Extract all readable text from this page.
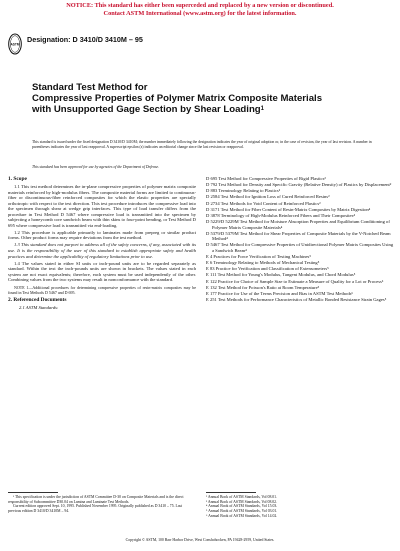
NOTICE: This standard has either been superceded and replaced by a new version or discontinued.
Contact ASTM International (www.astm.org) for the latest information.
ASTM
Designation: D 3410/D 3410M – 95
Standard Test Method for
Compressive Properties of Polymer Matrix Composite Materials with Unsupported Gage Section by Shear Loading$^1$
This standard is issued under the fixed designation D 3410/D 3410M; the number immediately following the designation indicates the year of original adoption or, in the case of revision, the year of last revision. A number in parentheses indicates the year of last reapproval. A superscript epsilon (ε) indicates an editorial change since the last revision or reapproval.
This standard has been approved for use by agencies of the Department of Defense.
1. Scope
1.1 This test method determines the in-plane compressive properties of polymer matrix composite materials reinforced by high-modulus fibers. The composite material forms are limited to continuous-fiber or discontinuous-fiber reinforced composites for which the elastic properties are specially orthotropic with respect to the test direction. This test procedure introduces the compressive load into the specimen through shear at wedge grip interfaces. This type of load transfer differs from the procedure in Test Method D 5467 where compressive load is transmitted into the specimen by subjecting a honeycomb core sandwich beam with thin skins to four-point bending, or Test Method D 695 where compressive load is transmitted via end-loading.
1.2 This procedure is applicable primarily to laminates made from prepreg or similar product forms. Other product forms may require deviations from the test method.
1.3 This standard does not purport to address all of the safety concerns, if any, associated with its use. It is the responsibility of the user of this standard to establish appropriate safety and health practices and determine the applicability of regulatory limitations prior to use.
1.4 The values stated in either SI units or inch-pound units are to be regarded separately as standard. Within the text the inch-pounds units are shown in brackets. The values stated in each system are not exact equivalents; therefore, each system must be used independently of the other. Combining values from the two systems may result in nonconformance with the standard.
NOTE 1—Additional procedures for determining compressive properties of resin-matrix composites may be found in Test Methods D 5467 and D 695.
2. Referenced Documents
2.1 ASTM Standards:
D 695 Test Method for Compressive Properties of Rigid Plastics²
D 792 Test Method for Density and Specific Gravity (Relative Density) of Plastics by Displacement²
D 883 Terminology Relating to Plastics²
D 2584 Test Method for Ignition Loss of Cured Reinforced Resins³
D 2734 Test Methods for Void Content of Reinforced Plastics³
D 3171 Test Method for Fiber Content of Resin-Matrix Composites by Matrix Digestion⁴
D 3878 Terminology of High-Modulus Reinforced Fibers and Their Composites⁴
D 5229/D 5229M Test Method for Moisture Absorption Properties and Equilibrium Conditioning of Polymer Matrix Composite Materials⁴
D 5379/D 5379M Test Method for Shear Properties of Composite Materials by the V-Notched Beam Method⁴
D 5467 Test Method for Compressive Properties of Unidirectional Polymer Matrix Composites Using a Sandwich Beam⁴
E 4 Practices for Force Verification of Testing Machines⁵
E 6 Terminology Relating to Methods of Mechanical Testing⁵
E 83 Practice for Verification and Classification of Extensometers⁵
E 111 Test Method for Young's Modulus, Tangent Modulus, and Chord Modulus⁵
E 122 Practice for Choice of Sample Size to Estimate a Measure of Quality for a Lot or Process⁶
E 132 Test Method for Poisson's Ratio at Room Temperature⁵
E 177 Practice for Use of the Terms Precision and Bias in ASTM Test Methods⁶
E 251 Test Methods for Performance Characteristics of Metallic Bonded Resistance Strain Gages⁵
¹ This specification is under the jurisdiction of ASTM Committee D-30 on Composite Materials and is the direct responsibility of Subcommittee D30.04 on Lamina and Laminate Test Methods.
Current edition approved Sept. 10, 1995. Published November 1995. Originally published as D 3410 – 75. Last previous edition D 3410/D 3410M – 94.
² Annual Book of ASTM Standards, Vol 08.01.
³ Annual Book of ASTM Standards, Vol 08.02.
⁴ Annual Book of ASTM Standards, Vol 15.03.
⁵ Annual Book of ASTM Standards, Vol 03.01.
⁶ Annual Book of ASTM Standards, Vol 14.02.
Copyright © ASTM, 100 Barr Harbor Drive, West Conshohocken, PA 19428-2959, United States.
